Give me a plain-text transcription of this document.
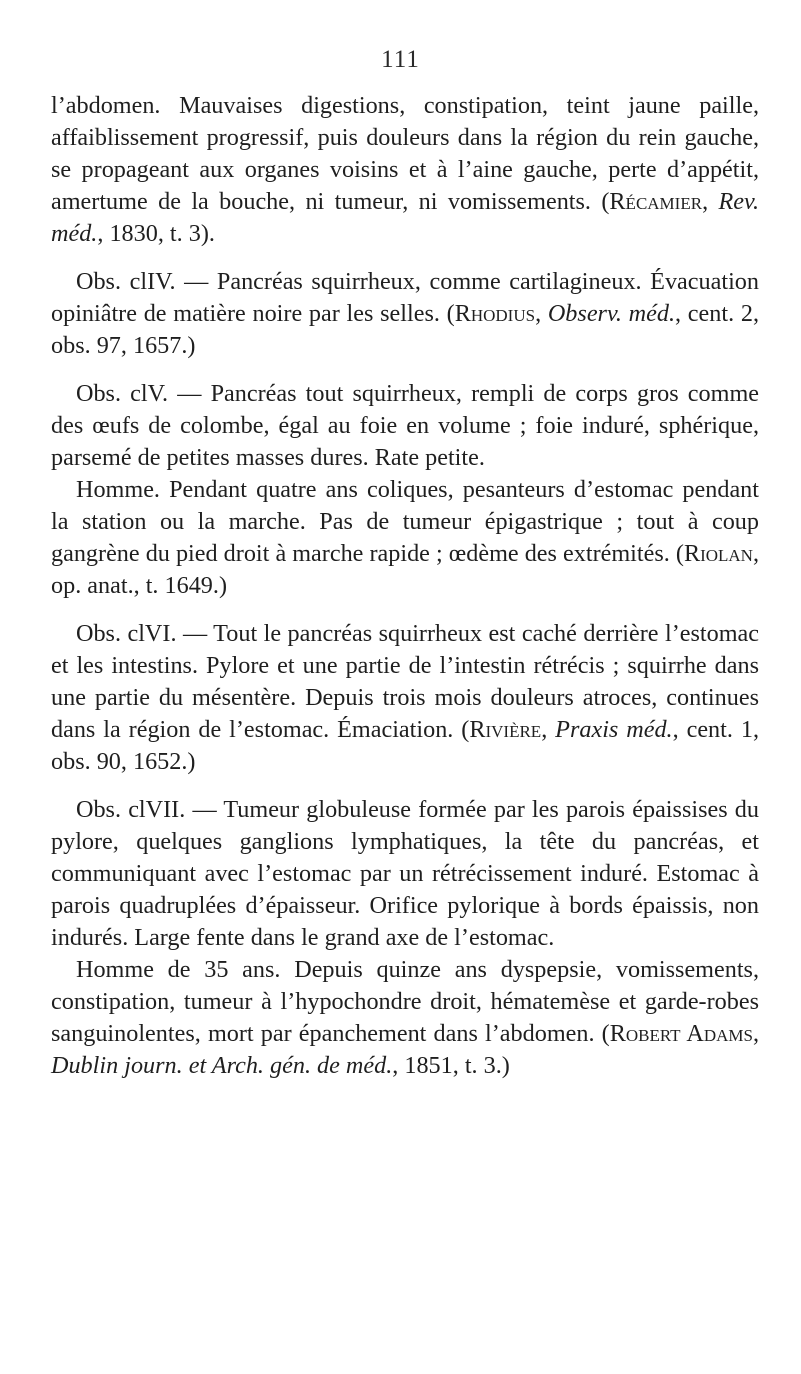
111

l’abdomen. Mauvaises digestions, constipation, teint jaune paille, affaiblissement progressif, puis douleurs dans la région du rein gauche, se propageant aux organes voisins et à l’aine gauche, perte d’appétit, amertume de la bouche, ni tumeur, ni vomissements. (Récamier, Rev. méd., 1830, t. 3).

Obs. clIV. — Pancréas squirrheux, comme cartilagineux. Évacuation opiniâtre de matière noire par les selles. (Rhodius, Observ. méd., cent. 2, obs. 97, 1657.)

Obs. clV. — Pancréas tout squirrheux, rempli de corps gros comme des œufs de colombe, égal au foie en volume ; foie induré, sphérique, parsemé de petites masses dures. Rate petite.

Homme. Pendant quatre ans coliques, pesanteurs d’estomac pendant la station ou la marche. Pas de tumeur épigastrique ; tout à coup gangrène du pied droit à marche rapide ; œdème des extrémités. (Riolan, op. anat., t. 1649.)

Obs. clVI. — Tout le pancréas squirrheux est caché derrière l’estomac et les intestins. Pylore et une partie de l’intestin rétrécis ; squirrhe dans une partie du mésentère. Depuis trois mois douleurs atroces, continues dans la région de l’estomac. Émaciation. (Rivière, Praxis méd., cent. 1, obs. 90, 1652.)

Obs. clVII. — Tumeur globuleuse formée par les parois épaissises du pylore, quelques ganglions lymphatiques, la tête du pancréas, et communiquant avec l’estomac par un rétrécissement induré. Estomac à parois quadruplées d’épaisseur. Orifice pylorique à bords épaissis, non indurés. Large fente dans le grand axe de l’estomac.

Homme de 35 ans. Depuis quinze ans dyspepsie, vomissements, constipation, tumeur à l’hypochondre droit, hématemèse et garde-robes sanguinolentes, mort par épanchement dans l’abdomen. (Robert Adams, Dublin journ. et Arch. gén. de méd., 1851, t. 3.)
